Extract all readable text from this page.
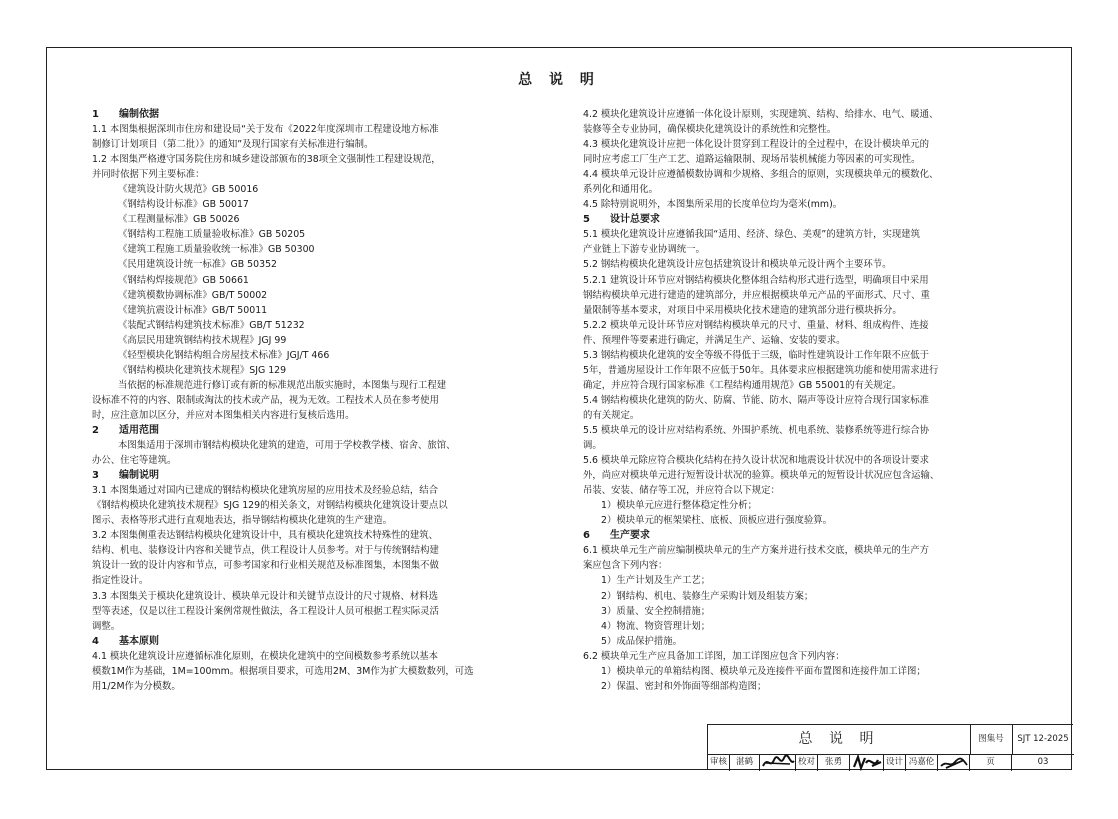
总 说 明
1　　编制依据
1.1 本图集根据深圳市住房和建设局“关于发布《2022年度深圳市工程建设地方标准
制修订计划项目（第二批）》的通知”及现行国家有关标准进行编制。
1.2 本图集严格遵守国务院住房和城乡建设部颁布的38项全文强制性工程建设规范，
并同时依据下列主要标准：
《建筑设计防火规范》GB 50016
《钢结构设计标准》GB 50017
《工程测量标准》GB 50026
《钢结构工程施工质量验收标准》GB 50205
《建筑工程施工质量验收统一标准》GB 50300
《民用建筑设计统一标准》GB 50352
《钢结构焊接规范》GB 50661
《建筑模数协调标准》GB/T 50002
《建筑抗震设计标准》GB/T 50011
《装配式钢结构建筑技术标准》GB/T 51232
《高层民用建筑钢结构技术规程》JGJ 99
《轻型模块化钢结构组合房屋技术标准》JGJ/T 466
《钢结构模块化建筑技术规程》SJG 129
当依据的标准规范进行修订或有新的标准规范出版实施时，本图集与现行工程建
设标准不符的内容、限制或淘汰的技术或产品，视为无效。工程技术人员在参考使用
时，应注意加以区分，并应对本图集相关内容进行复核后选用。
2　　适用范围
本图集适用于深圳市钢结构模块化建筑的建造，可用于学校教学楼、宿舍、旅馆、
办公、住宅等建筑。
3　　编制说明
3.1 本图集通过对国内已建成的钢结构模块化建筑房屋的应用技术及经验总结，结合
《钢结构模块化建筑技术规程》SJG 129的相关条文，对钢结构模块化建筑设计要点以
图示、表格等形式进行直观地表达，指导钢结构模块化建筑的生产建造。
3.2 本图集侧重表达钢结构模块化建筑设计中，具有模块化建筑技术特殊性的建筑、
结构、机电、装修设计内容和关键节点，供工程设计人员参考。对于与传统钢结构建
筑设计一致的设计内容和节点，可参考国家和行业相关规范及标准图集，本图集不做
指定性设计。
3.3 本图集关于模块化建筑设计、模块单元设计和关键节点设计的尺寸规格、材料选
型等表述，仅是以往工程设计案例常规性做法，各工程设计人员可根据工程实际灵活
调整。
4　　基本原则
4.1 模块化建筑设计应遵循标准化原则，在模块化建筑中的空间模数参考系统以基本
模数1M作为基础，1M=100mm。根据项目要求，可选用2M、3M作为扩大模数数列，可选
用1/2M作为分模数。
4.2 模块化建筑设计应遵循一体化设计原则，实现建筑、结构、给排水、电气、暖通、
装修等全专业协同，确保模块化建筑设计的系统性和完整性。
4.3 模块化建筑设计应把一体化设计贯穿到工程设计的全过程中，在设计模块单元的
同时应考虑工厂生产工艺、道路运输限制、现场吊装机械能力等因素的可实现性。
4.4 模块单元设计应遵循模数协调和少规格、多组合的原则，实现模块单元的模数化、
系列化和通用化。
4.5 除特别说明外，本图集所采用的长度单位均为毫米(mm)。
5　　设计总要求
5.1 模块化建筑设计应遵循我国“适用、经济、绿色、美观”的建筑方针，实现建筑
产业链上下游专业协调统一。
5.2 钢结构模块化建筑设计应包括建筑设计和模块单元设计两个主要环节。
5.2.1 建筑设计环节应对钢结构模块化整体组合结构形式进行选型，明确项目中采用
钢结构模块单元进行建造的建筑部分，并应根据模块单元产品的平面形式、尺寸、重
量限制等基本要求，对项目中采用模块化技术建造的建筑部分进行模块拆分。
5.2.2 模块单元设计环节应对钢结构模块单元的尺寸、重量、材料、组成构件、连接
件、预埋件等要素进行确定，并满足生产、运输、安装的要求。
5.3 钢结构模块化建筑的安全等级不得低于三级，临时性建筑设计工作年限不应低于
5年，普通房屋设计工作年限不应低于50年。具体要求应根据建筑功能和使用需求进行
确定，并应符合现行国家标准《工程结构通用规范》GB 55001的有关规定。
5.4 钢结构模块化建筑的防火、防腐、节能、防水、隔声等设计应符合现行国家标准
的有关规定。
5.5 模块单元的设计应对结构系统、外围护系统、机电系统、装修系统等进行综合协
调。
5.6 模块单元除应符合模块化结构在持久设计状况和地震设计状况中的各项设计要求
外，尚应对模块单元进行短暂设计状况的验算。模块单元的短暂设计状况应包含运输、
吊装、安装、储存等工况，并应符合以下规定：
1）模块单元应进行整体稳定性分析；
2）模块单元的框架梁柱、底板、顶板应进行强度验算。
6　　生产要求
6.1 模块单元生产前应编制模块单元的生产方案并进行技术交底，模块单元的生产方
案应包含下列内容：
1）生产计划及生产工艺；
2）钢结构、机电、装修生产采购计划及组装方案；
3）质量、安全控制措施；
4）物流、物资管理计划；
5）成品保护措施。
6.2 模块单元生产应具备加工详图，加工详图应包含下列内容：
1）模块单元的单箱结构图、模块单元及连接件平面布置图和连接件加工详图；
2）保温、密封和外饰面等细部构造图；
总 说 明	图集号	SJT 12-2025
审核	湛鹤	校对	张勇	设计 冯嘉伦	页	03
